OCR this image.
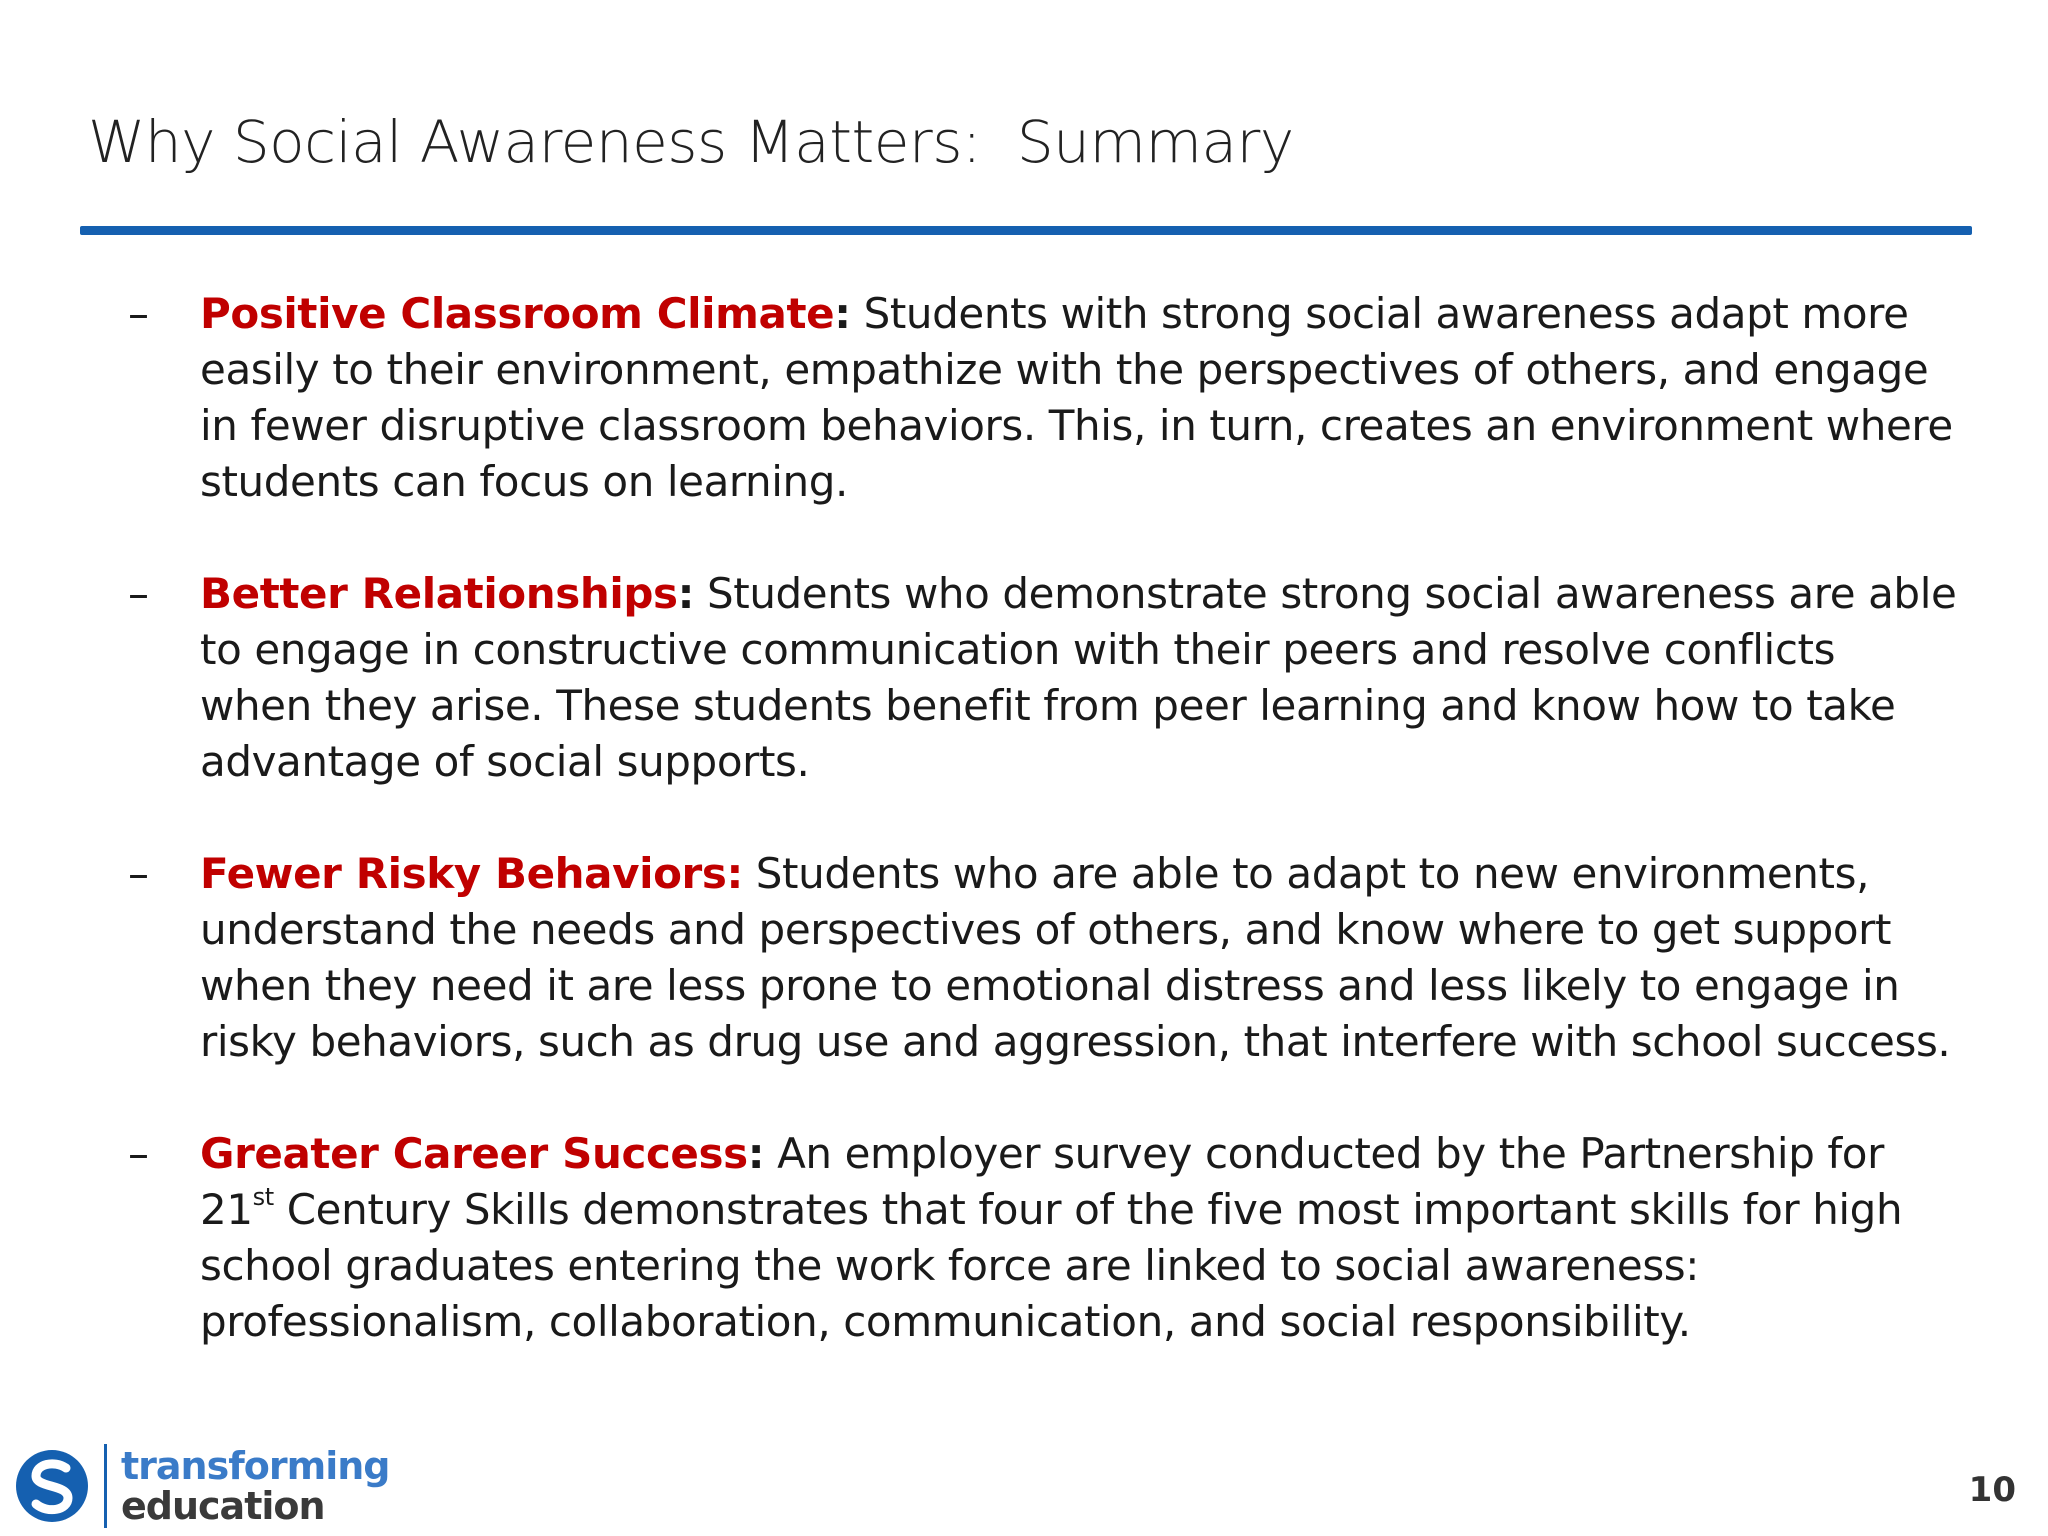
Why Social Awareness Matters:  Summary
– Positive Classroom Climate: Students with strong social awareness adapt more easily to their environment, empathize with the perspectives of others, and engage in fewer disruptive classroom behaviors. This, in turn, creates an environment where students can focus on learning.
– Better Relationships: Students who demonstrate strong social awareness are able to engage in constructive communication with their peers and resolve conflicts when they arise. These students benefit from peer learning and know how to take advantage of social supports.
– Fewer Risky Behaviors: Students who are able to adapt to new environments, understand the needs and perspectives of others, and know where to get support when they need it are less prone to emotional distress and less likely to engage in risky behaviors, such as drug use and aggression, that interfere with school success.
– Greater Career Success: An employer survey conducted by the Partnership for 21st Century Skills demonstrates that four of the five most important skills for high school graduates entering the work force are linked to social awareness: professionalism, collaboration, communication, and social responsibility.
transforming
education	10
